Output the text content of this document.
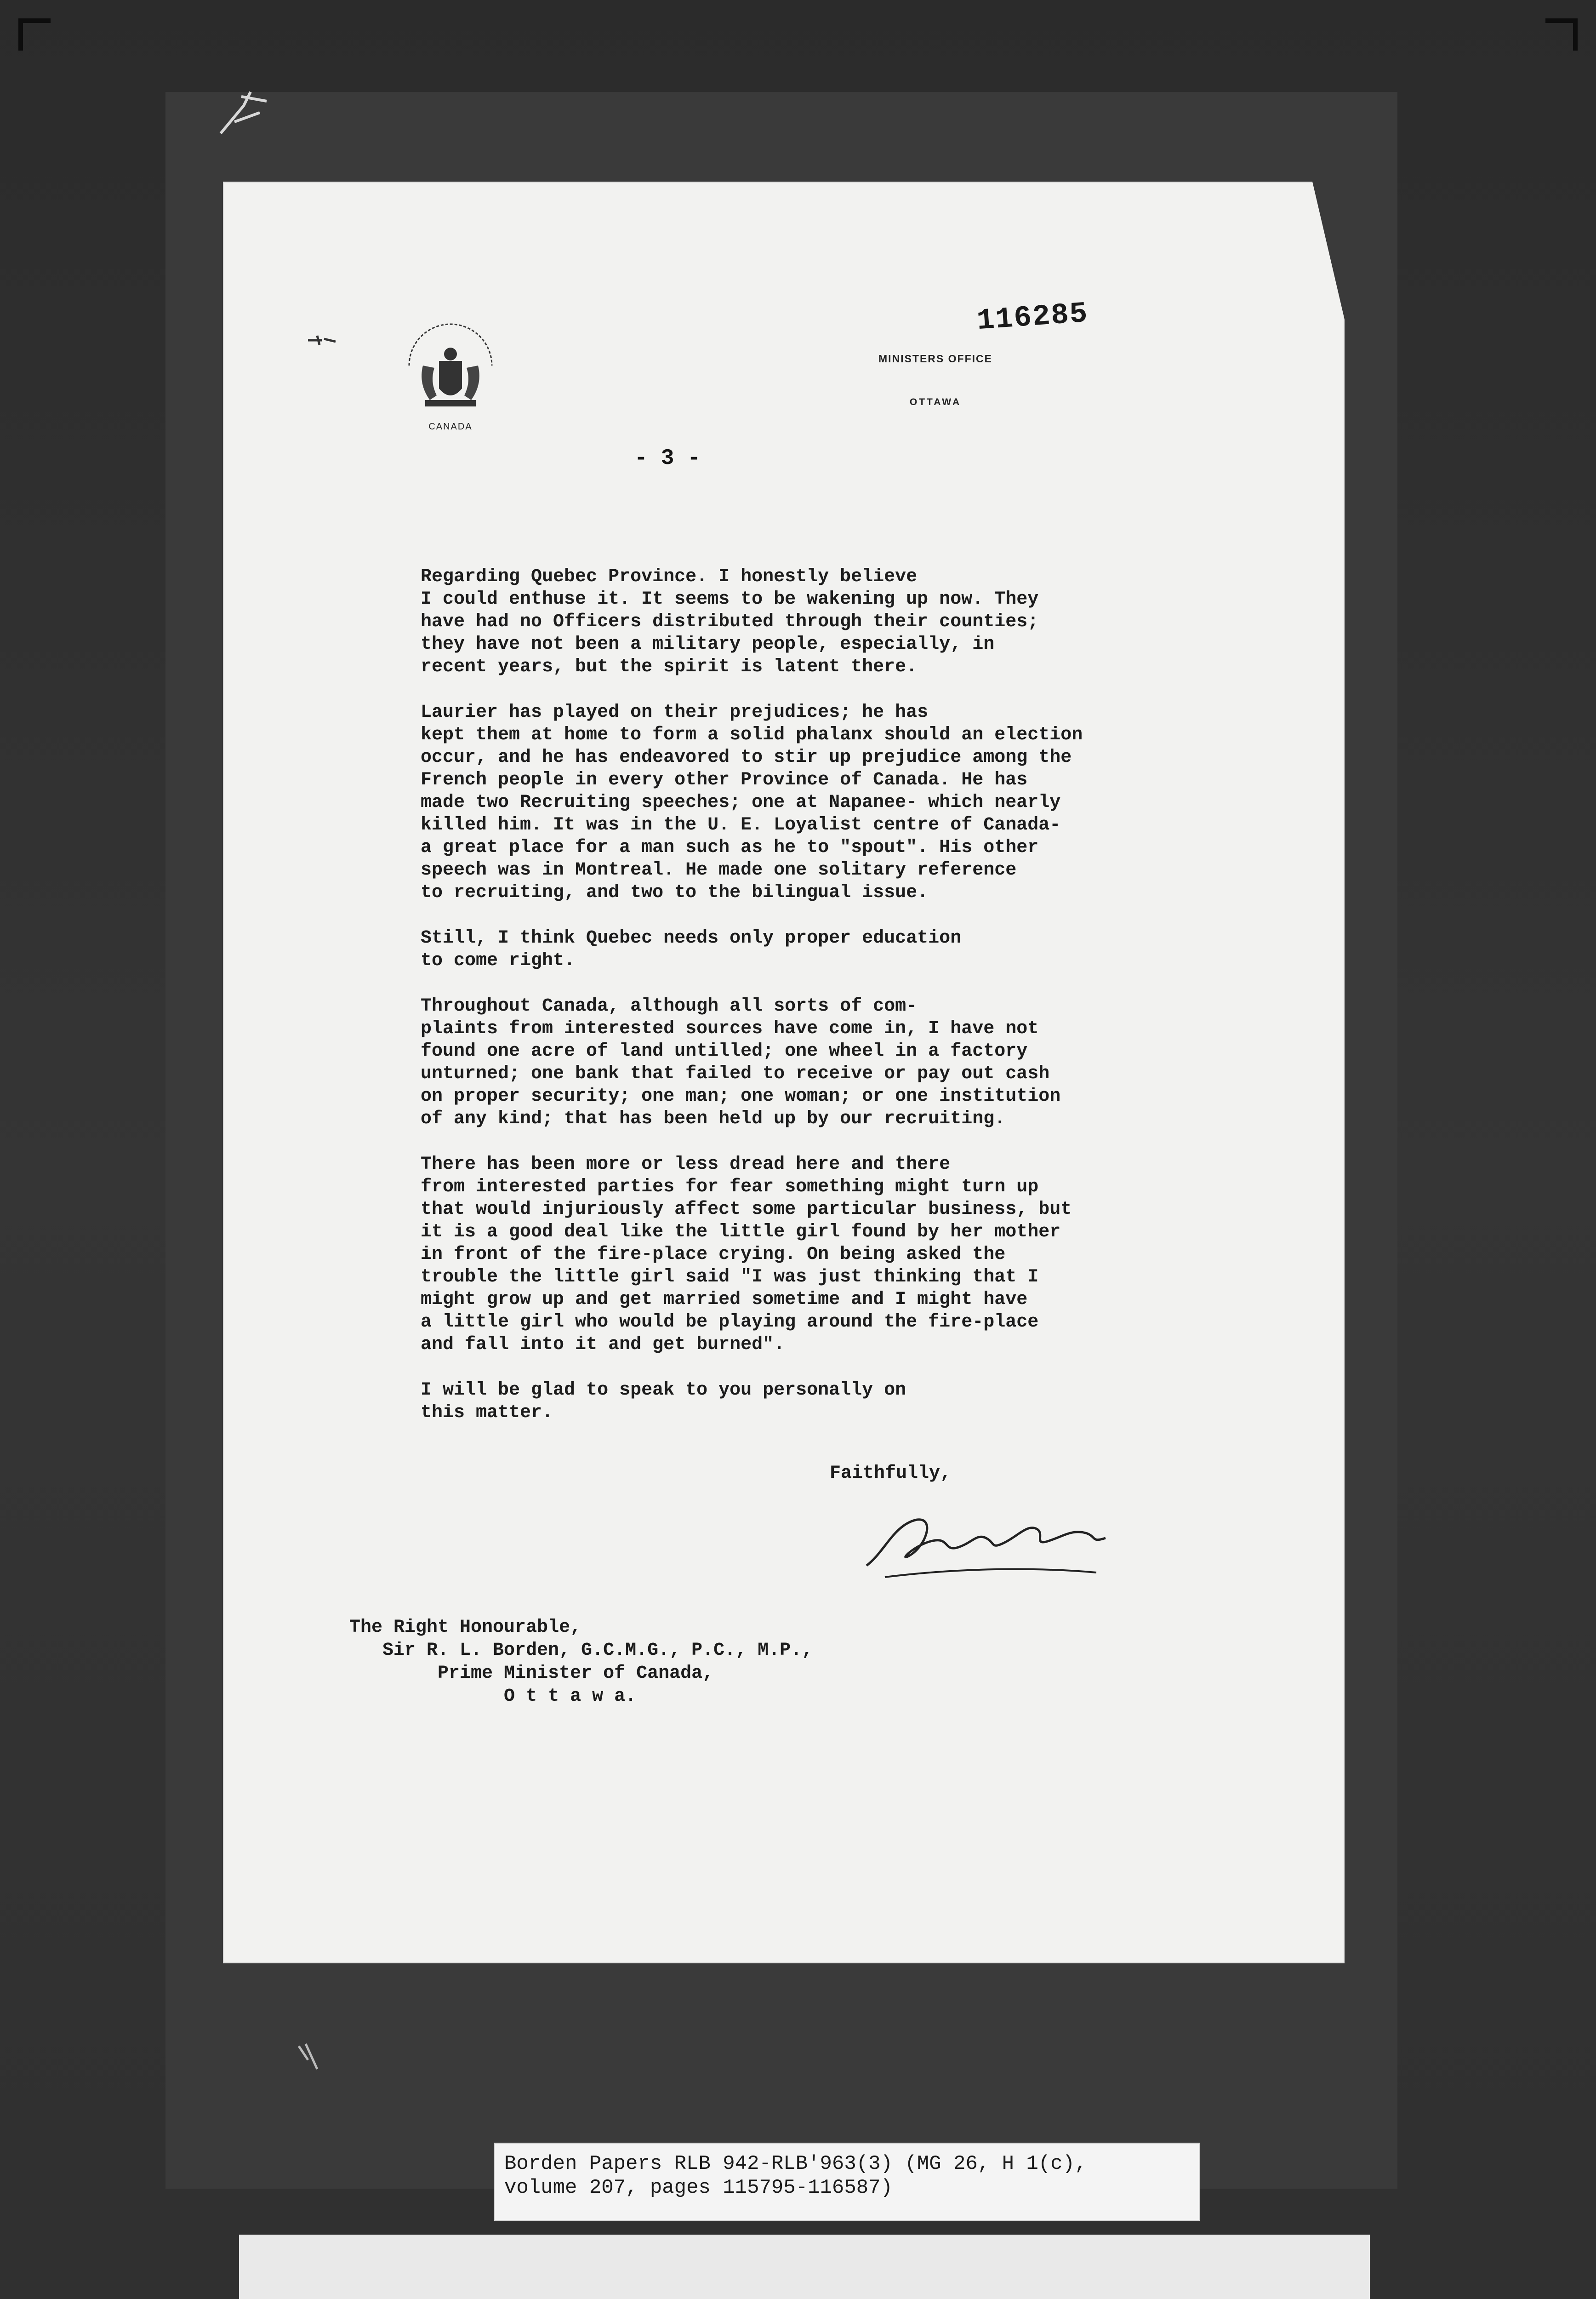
CANADA
116285
MINISTERS OFFICE
OTTAWA
- 3 -

Regarding Quebec Province. I honestly believe
I could enthuse it. It seems to be wakening up now. They
have had no Officers distributed through their counties;
they have not been a military people, especially, in
recent years, but the spirit is latent there.

Laurier has played on their prejudices; he has
kept them at home to form a solid phalanx should an election
occur, and he has endeavored to stir up prejudice among the
French people in every other Province of Canada. He has
made two Recruiting speeches; one at Napanee- which nearly
killed him. It was in the U. E. Loyalist centre of Canada-
a great place for a man such as he to "spout". His other
speech was in Montreal. He made one solitary reference
to recruiting, and two to the bilingual issue.

Still, I think Quebec needs only proper education
to come right.

Throughout Canada, although all sorts of com-
plaints from interested sources have come in, I have not
found one acre of land untilled; one wheel in a factory
unturned; one bank that failed to receive or pay out cash
on proper security; one man; one woman; or one institution
of any kind; that has been held up by our recruiting.

There has been more or less dread here and there
from interested parties for fear something might turn up
that would injuriously affect some particular business, but
it is a good deal like the little girl found by her mother
in front of the fire-place crying. On being asked the
trouble the little girl said "I was just thinking that I
might grow up and get married sometime and I might have
a little girl who would be playing around the fire-place
and fall into it and get burned".

I will be glad to speak to you personally on
this matter.

Faithfully,
The Right Honourable,
Sir R. L. Borden, G.C.M.G., P.C., M.P.,
Prime Minister of Canada,
O t t a w a.
Borden Papers RLB 942-RLB'963(3) (MG 26, H 1(c),
volume 207, pages 115795-116587)
